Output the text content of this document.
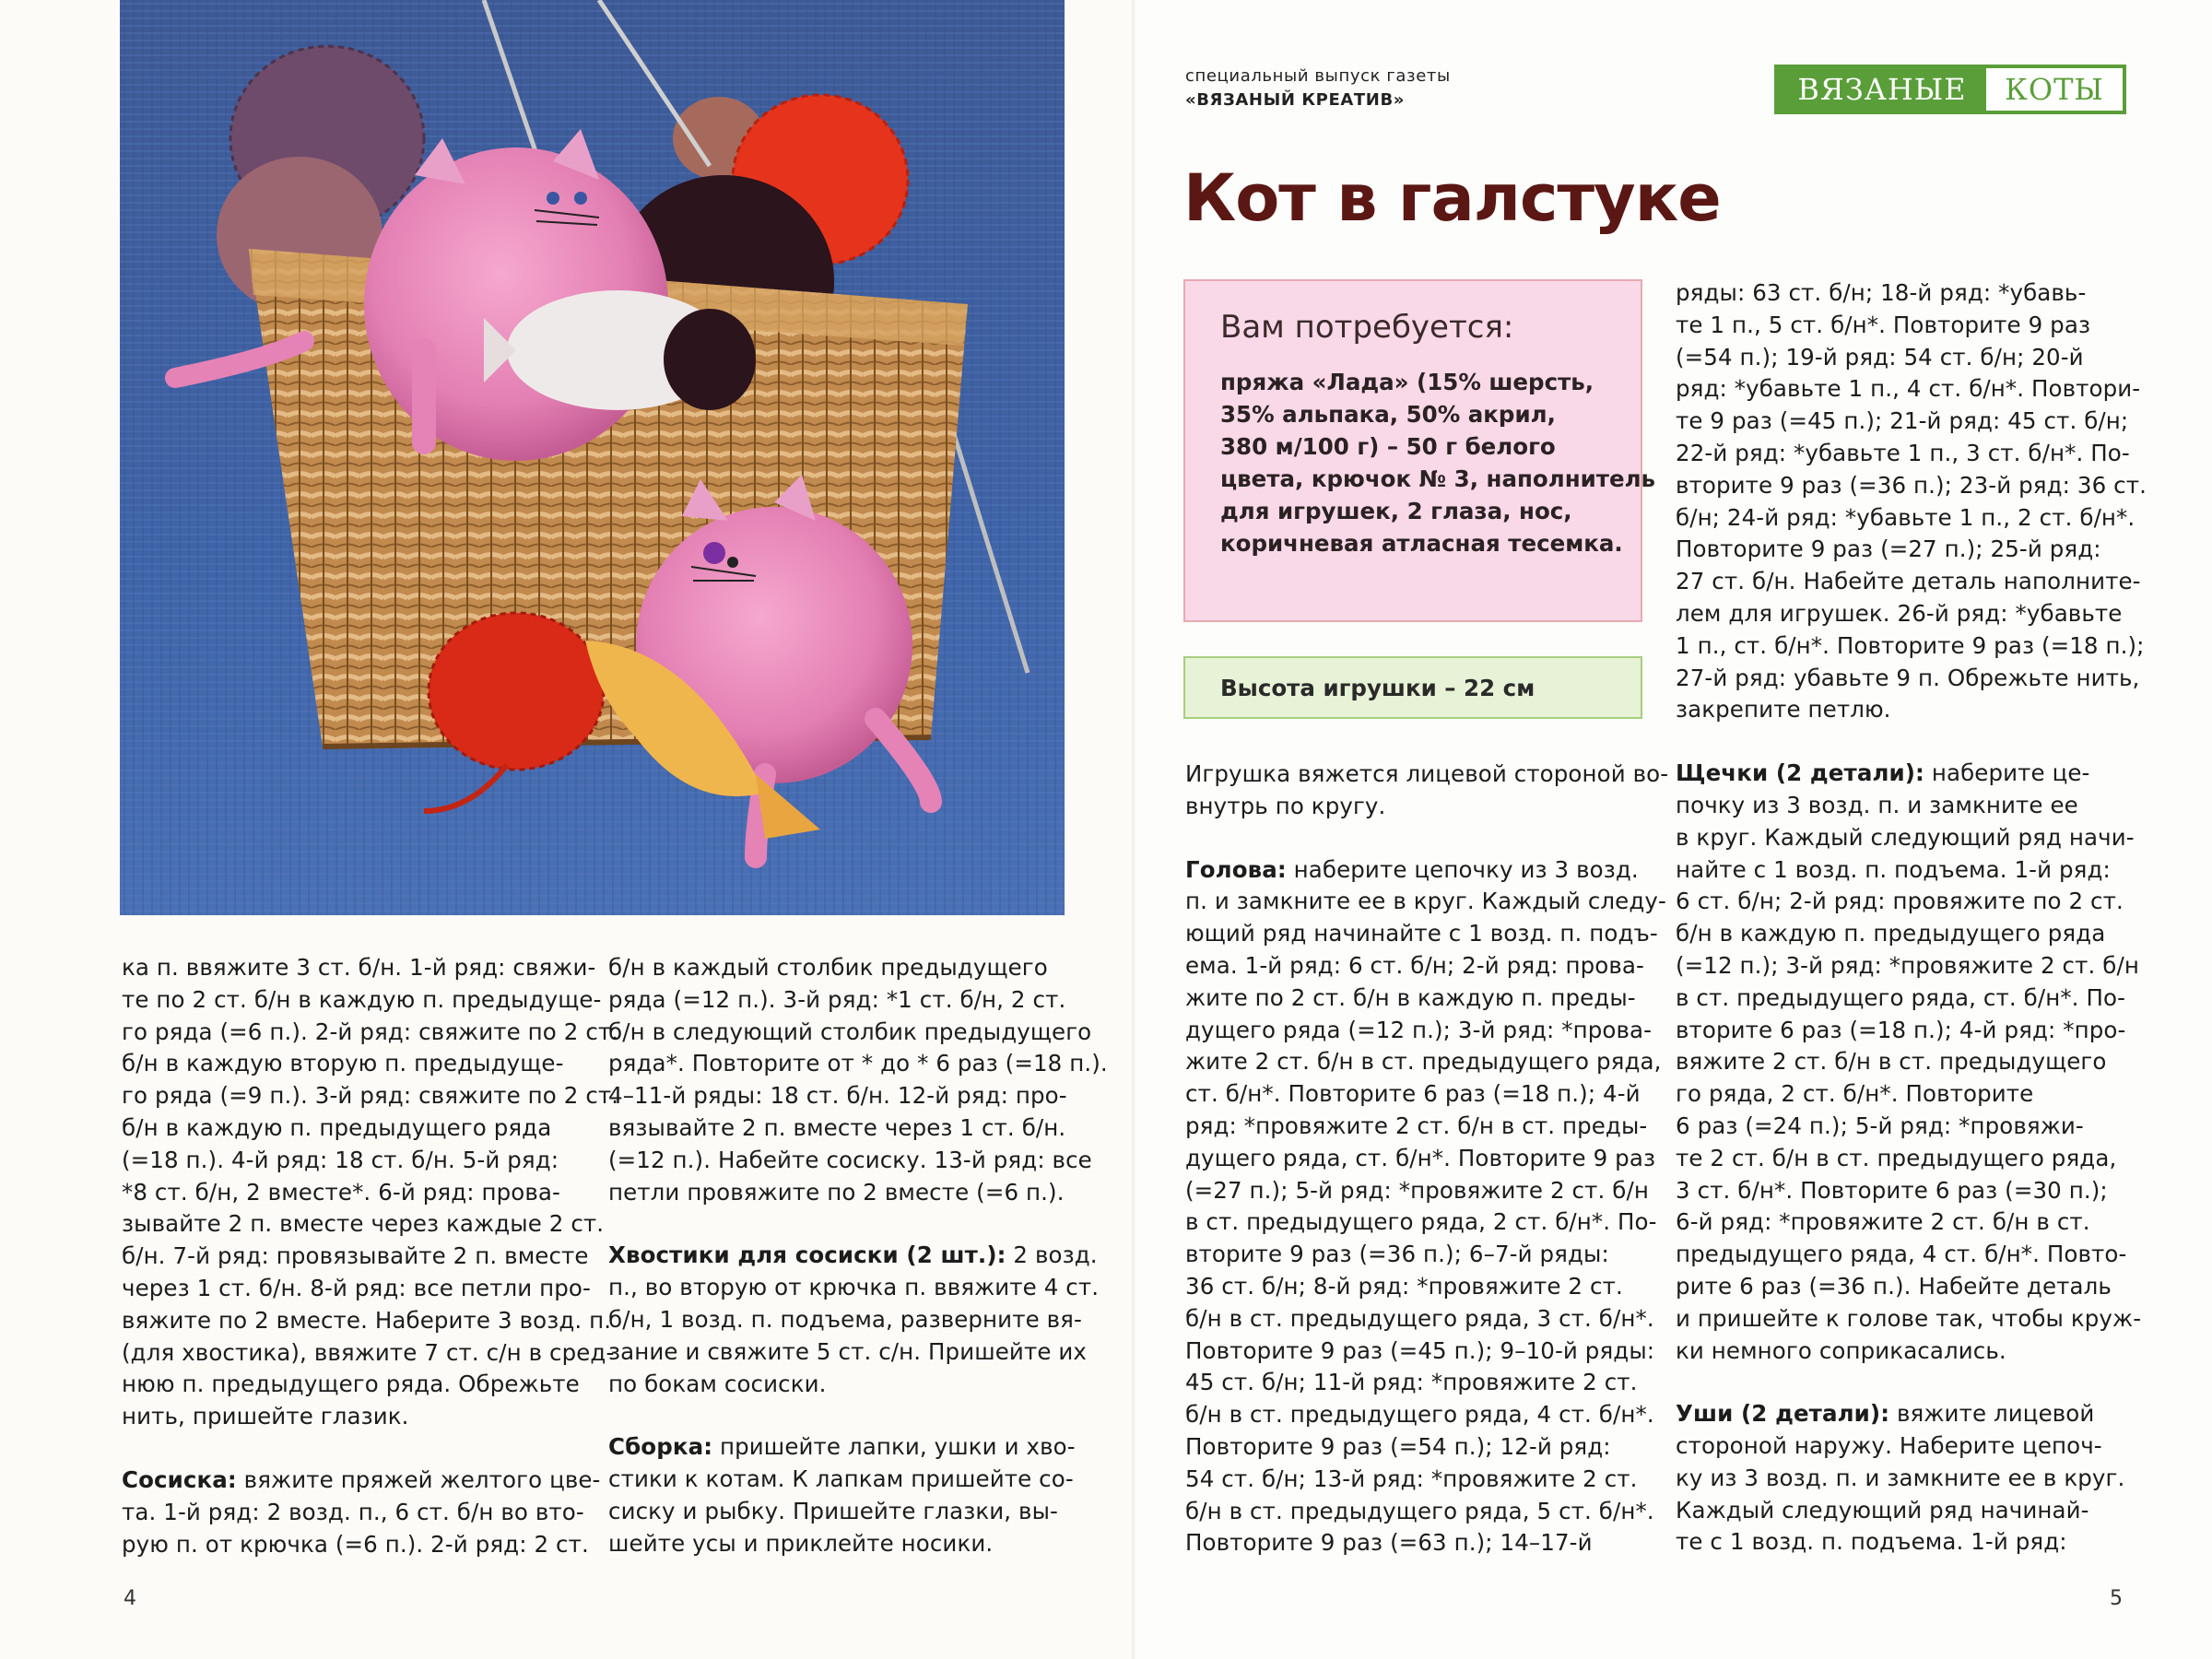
ка п. ввяжите 3 ст. б/н. 1-й ряд: свяжи-
те по 2 ст. б/н в каждую п. предыдуще-
го ряда (=6 п.). 2-й ряд: свяжите по 2 ст.
б/н в каждую вторую п. предыдуще-
го ряда (=9 п.). 3-й ряд: свяжите по 2 ст.
б/н в каждую п. предыдущего ряда
(=18 п.). 4-й ряд: 18 ст. б/н. 5-й ряд:
*8 ст. б/н, 2 вместе*. 6-й ряд: прова-
зывайте 2 п. вместе через каждые 2 ст.
б/н. 7-й ряд: провязывайте 2 п. вместе
через 1 ст. б/н. 8-й ряд: все петли про-
вяжите по 2 вместе. Наберите 3 возд. п.
(для хвостика), ввяжите 7 ст. с/н в сред-
нюю п. предыдущего ряда. Обрежьте
нить, пришейте глазик.

Сосиска: вяжите пряжей желтого цве-
та. 1-й ряд: 2 возд. п., 6 ст. б/н во вто-
рую п. от крючка (=6 п.). 2-й ряд: 2 ст.

б/н в каждый столбик предыдущего
ряда (=12 п.). 3-й ряд: *1 ст. б/н, 2 ст.
б/н в следующий столбик предыдущего
ряда*. Повторите от * до * 6 раз (=18 п.).
4–11-й ряды: 18 ст. б/н. 12-й ряд: про-
вязывайте 2 п. вместе через 1 ст. б/н.
(=12 п.). Набейте сосиску. 13-й ряд: все
петли провяжите по 2 вместе (=6 п.).

Хвостики для сосиски (2 шт.): 2 возд.
п., во вторую от крючка п. ввяжите 4 ст.
б/н, 1 возд. п. подъема, разверните вя-
зание и свяжите 5 ст. с/н. Пришейте их
по бокам сосиски.

Сборка: пришейте лапки, ушки и хво-
стики к котам. К лапкам пришейте со-
сиску и рыбку. Пришейте глазки, вы-
шейте усы и приклейте носики.

4
специальный выпуск газеты
«ВЯЗАНЫЙ КРЕАТИВ»	ВЯЗАНЫЕ	КОТЫ
Кот в галстуке
Вам потребуется:
пряжа «Лада» (15% шерсть,
35% альпака, 50% акрил,
380 м/100 г) – 50 г белого
цвета, крючок № 3, наполнитель
для игрушек, 2 глаза, нос,
коричневая атласная тесемка.
Высота игрушки – 22 см

Игрушка вяжется лицевой стороной во-
внутрь по кругу.

Голова: наберите цепочку из 3 возд.
п. и замкните ее в круг. Каждый следу-
ющий ряд начинайте с 1 возд. п. подъ-
ема. 1-й ряд: 6 ст. б/н; 2-й ряд: прова-
жите по 2 ст. б/н в каждую п. преды-
дущего ряда (=12 п.); 3-й ряд: *прова-
жите 2 ст. б/н в ст. предыдущего ряда,
ст. б/н*. Повторите 6 раз (=18 п.); 4-й
ряд: *провяжите 2 ст. б/н в ст. преды-
дущего ряда, ст. б/н*. Повторите 9 раз
(=27 п.); 5-й ряд: *провяжите 2 ст. б/н
в ст. предыдущего ряда, 2 ст. б/н*. По-
вторите 9 раз (=36 п.); 6–7-й ряды:
36 ст. б/н; 8-й ряд: *провяжите 2 ст.
б/н в ст. предыдущего ряда, 3 ст. б/н*.
Повторите 9 раз (=45 п.); 9–10-й ряды:
45 ст. б/н; 11-й ряд: *провяжите 2 ст.
б/н в ст. предыдущего ряда, 4 ст. б/н*.
Повторите 9 раз (=54 п.); 12-й ряд:
54 ст. б/н; 13-й ряд: *провяжите 2 ст.
б/н в ст. предыдущего ряда, 5 ст. б/н*.
Повторите 9 раз (=63 п.); 14–17-й

ряды: 63 ст. б/н; 18-й ряд: *убавь-
те 1 п., 5 ст. б/н*. Повторите 9 раз
(=54 п.); 19-й ряд: 54 ст. б/н; 20-й
ряд: *убавьте 1 п., 4 ст. б/н*. Повтори-
те 9 раз (=45 п.); 21-й ряд: 45 ст. б/н;
22-й ряд: *убавьте 1 п., 3 ст. б/н*. По-
вторите 9 раз (=36 п.); 23-й ряд: 36 ст.
б/н; 24-й ряд: *убавьте 1 п., 2 ст. б/н*.
Повторите 9 раз (=27 п.); 25-й ряд:
27 ст. б/н. Набейте деталь наполните-
лем для игрушек. 26-й ряд: *убавьте
1 п., ст. б/н*. Повторите 9 раз (=18 п.);
27-й ряд: убавьте 9 п. Обрежьте нить,
закрепите петлю.

Щечки (2 детали): наберите це-
почку из 3 возд. п. и замкните ее
в круг. Каждый следующий ряд начи-
найте с 1 возд. п. подъема. 1-й ряд:
6 ст. б/н; 2-й ряд: провяжите по 2 ст.
б/н в каждую п. предыдущего ряда
(=12 п.); 3-й ряд: *провяжите 2 ст. б/н
в ст. предыдущего ряда, ст. б/н*. По-
вторите 6 раз (=18 п.); 4-й ряд: *про-
вяжите 2 ст. б/н в ст. предыдущего
го ряда, 2 ст. б/н*. Повторите
6 раз (=24 п.); 5-й ряд: *провяжи-
те 2 ст. б/н в ст. предыдущего ряда,
3 ст. б/н*. Повторите 6 раз (=30 п.);
6-й ряд: *провяжите 2 ст. б/н в ст.
предыдущего ряда, 4 ст. б/н*. Повто-
рите 6 раз (=36 п.). Набейте деталь
и пришейте к голове так, чтобы круж-
ки немного соприкасались.

Уши (2 детали): вяжите лицевой
стороной наружу. Наберите цепоч-
ку из 3 возд. п. и замкните ее в круг.
Каждый следующий ряд начинай-
те с 1 возд. п. подъема. 1-й ряд:

5
